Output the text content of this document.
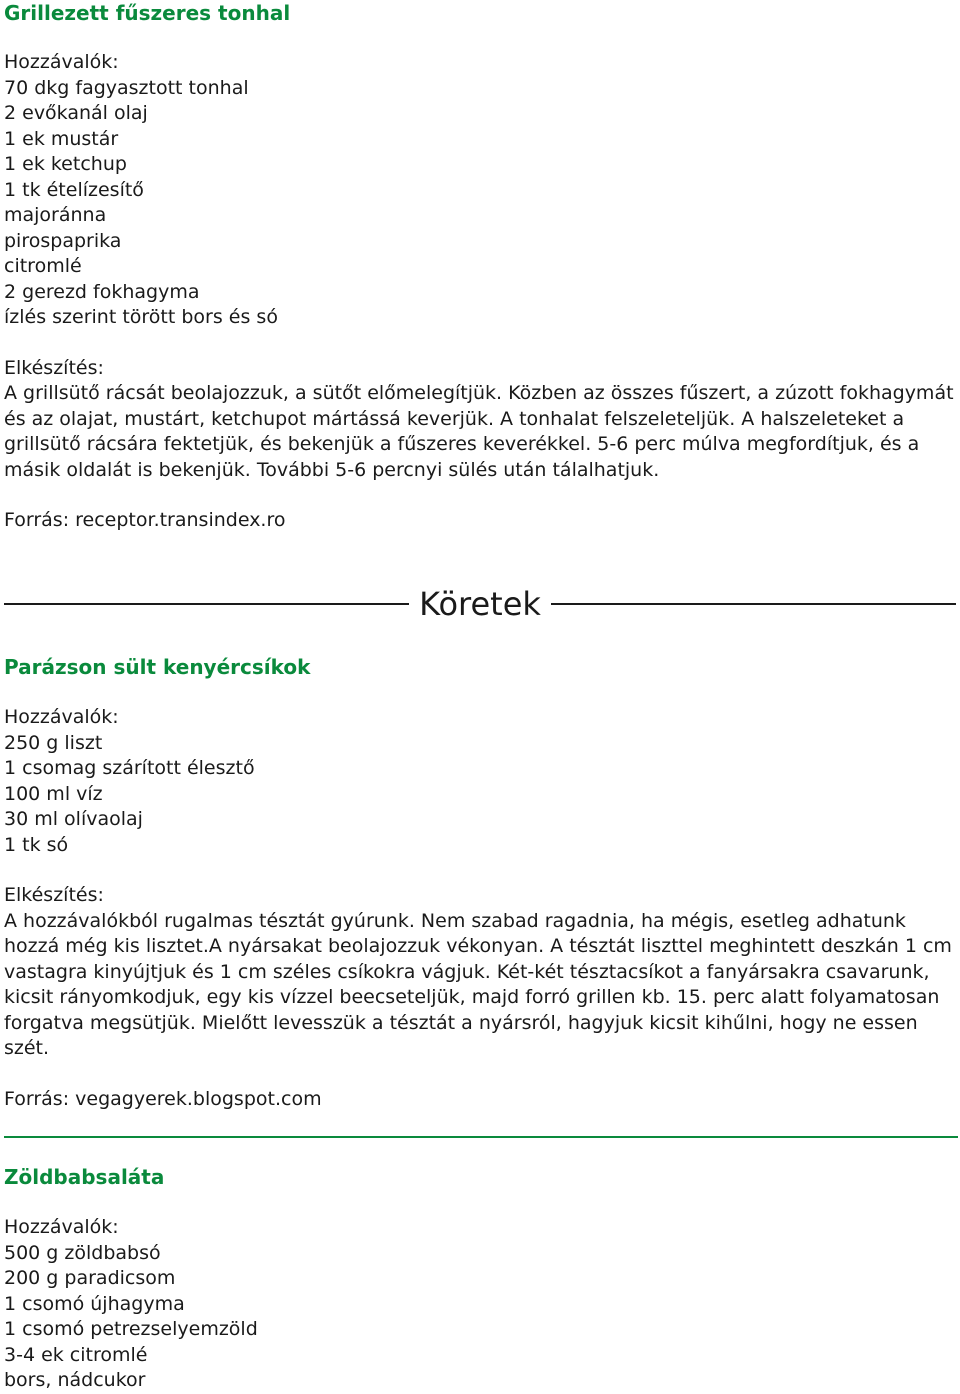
Grillezett fűszeres tonhal

Hozzávalók:

70 dkg fagyasztott tonhal
2 evőkanál olaj
1 ek mustár
1 ek ketchup
1 tk ételízesítő
majoránna
pirospaprika
citromlé
2 gerezd fokhagyma
ízlés szerint törött bors és só

Elkészítés:

A grillsütő rácsát beolajozzuk, a sütőt előmelegítjük. Közben az összes fűszert, a zúzott fokhagymát és az olajat, mustárt, ketchupot mártássá keverjük. A tonhalat felszeleteljük. A halszeleteket a grillsütő rácsára fektetjük, és bekenjük a fűszeres keverékkel. 5-6 perc múlva megfordítjuk, és a másik oldalát is bekenjük. További 5-6 percnyi sülés után tálalhatjuk.

Forrás: receptor.transindex.ro

Köretek
Parázson sült kenyércsíkok

Hozzávalók:

250 g liszt
1 csomag szárított élesztő
100 ml víz
30 ml olívaolaj
1 tk só

Elkészítés:

A hozzávalókból rugalmas tésztát gyúrunk. Nem szabad ragadnia, ha mégis, esetleg adhatunk hozzá még kis lisztet.A nyársakat beolajozzuk vékonyan. A tésztát liszttel meghintett deszkán 1 cm vastagra kinyújtjuk és 1 cm széles csíkokra vágjuk. Két-két tésztacsíkot a fanyársakra csavarunk, kicsit rányomkodjuk, egy kis vízzel beecseteljük, majd forró grillen kb. 15. perc alatt folyamatosan forgatva megsütjük. Mielőtt levesszük a tésztát a nyársról, hagyjuk kicsit kihűlni, hogy ne essen szét.

Forrás: vegagyerek.blogspot.com

Zöldbabsaláta

Hozzávalók:

500 g zöldbabsó
200 g paradicsom
1 csomó újhagyma
1 csomó petrezselyemzöld
3-4 ek citromlé
bors, nádcukor
